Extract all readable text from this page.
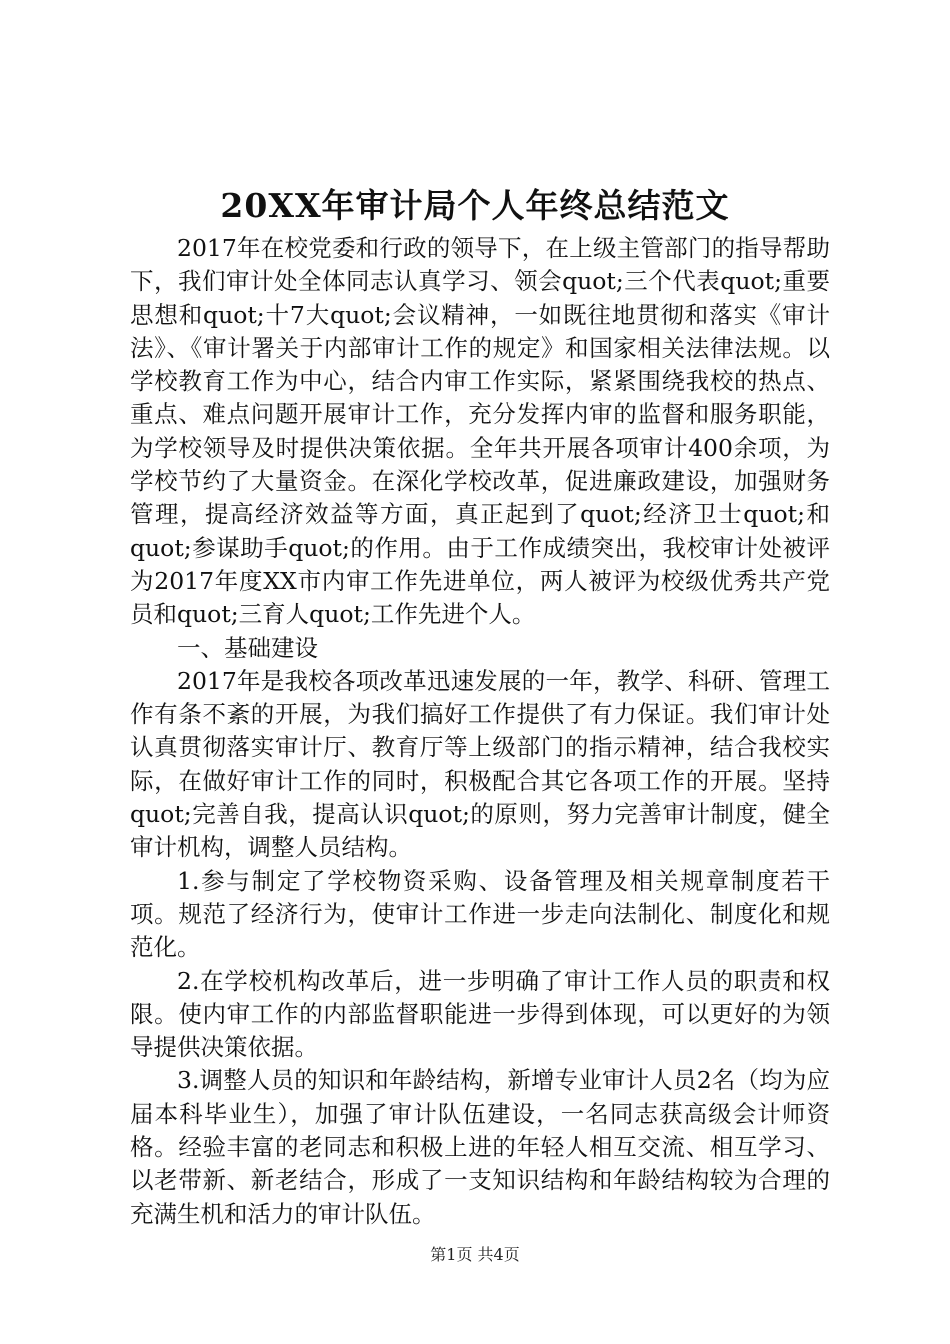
20XX年审计局个人年终总结范文

2017年在校党委和行政的领导下，在上级主管部门的指导帮助下，我们审计处全体同志认真学习、领会quot;三个代表quot;重要思想和quot;十7大quot;会议精神，一如既往地贯彻和落实《审计法》、《审计署关于内部审计工作的规定》和国家相关法律法规。以学校教育工作为中心，结合内审工作实际，紧紧围绕我校的热点、重点、难点问题开展审计工作，充分发挥内审的监督和服务职能，为学校领导及时提供决策依据。全年共开展各项审计400余项，为学校节约了大量资金。在深化学校改革，促进廉政建设，加强财务管理，提高经济效益等方面，真正起到了quot;经济卫士quot;和quot;参谋助手quot;的作用。由于工作成绩突出，我校审计处被评为2017年度XX市内审工作先进单位，两人被评为校级优秀共产党员和quot;三育人quot;工作先进个人。

一、基础建设

2017年是我校各项改革迅速发展的一年，教学、科研、管理工作有条不紊的开展，为我们搞好工作提供了有力保证。我们审计处认真贯彻落实审计厅、教育厅等上级部门的指示精神，结合我校实际，在做好审计工作的同时，积极配合其它各项工作的开展。坚持quot;完善自我，提高认识quot;的原则，努力完善审计制度，健全审计机构，调整人员结构。

1.参与制定了学校物资采购、设备管理及相关规章制度若干项。规范了经济行为，使审计工作进一步走向法制化、制度化和规范化。

2.在学校机构改革后，进一步明确了审计工作人员的职责和权限。使内审工作的内部监督职能进一步得到体现，可以更好的为领导提供决策依据。

3.调整人员的知识和年龄结构，新增专业审计人员2名（均为应届本科毕业生），加强了审计队伍建设，一名同志获高级会计师资格。经验丰富的老同志和积极上进的年轻人相互交流、相互学习、以老带新、新老结合，形成了一支知识结构和年龄结构较为合理的充满生机和活力的审计队伍。

第1页 共4页
